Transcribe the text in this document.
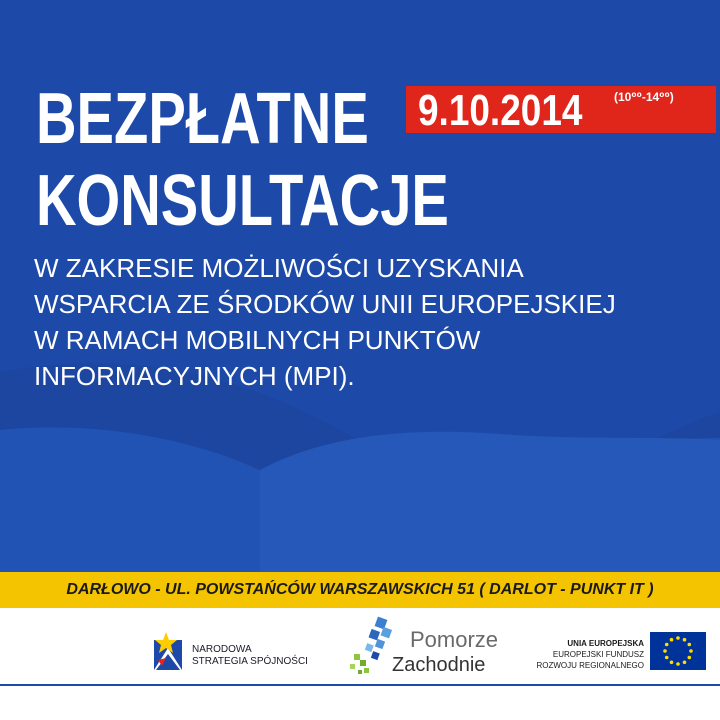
BEZPŁATNE
KONSULTACJE
9.10.2014	(10⁰⁰-14⁰⁰)

W ZAKRESIE MOŻLIWOŚCI UZYSKANIA
WSPARCIA ZE ŚRODKÓW UNII EUROPEJSKIEJ
W RAMACH MOBILNYCH PUNKTÓW
INFORMACYJNYCH (MPI).

DARŁOWO - UL. POWSTAŃCÓW WARSZAWSKICH 51 ( DARLOT - PUNKT IT )
NARODOWA
STRATEGIA SPÓJNOŚCI
Pomorze
Zachodnie
UNIA EUROPEJSKA
EUROPEJSKI FUNDUSZ
ROZWOJU REGIONALNEGO
